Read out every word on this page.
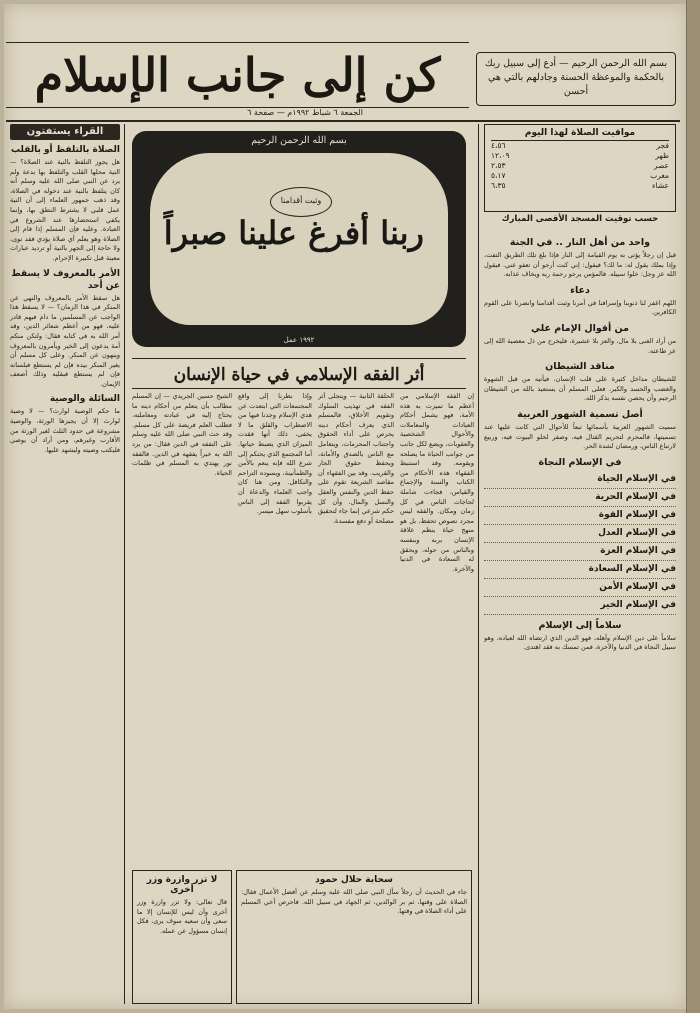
كن إلى جانب الإسلام
الجمعة ٦ شباط ١٩٩٢م — صفحة ٦
بسم الله الرحمن الرحيم — أدع إلى سبيل ربك بالحكمة والموعظة الحسنة وجادلهم بالتي هي أحسن
القراء يستفتون
الصلاة بالتلفظ أو بالقلب
هل يجوز التلفظ بالنية عند الصلاة؟ — النية محلها القلب والتلفظ بها بدعة ولم يرد عن النبي صلى الله عليه وسلم أنه كان يتلفظ بالنية عند دخوله في الصلاة، وقد ذهب جمهور العلماء إلى أن النية عمل قلبي لا يشترط النطق بها، وإنما يكفي استحضارها عند الشروع في العبادة. وعليه فإن المسلم إذا قام إلى الصلاة وهو يعلم أي صلاة يؤدي فقد نوى، ولا حاجة إلى الجهر بالنية أو ترديد عبارات معينة قبل تكبيرة الإحرام.
الأمر بالمعروف لا يسقط عن أحد
هل سقط الأمر بالمعروف والنهي عن المنكر في هذا الزمان؟ — لا يسقط هذا الواجب عن المسلمين ما دام فيهم قادر عليه، فهو من أعظم شعائر الدين، وقد أمر الله به في كتابه فقال: ولتكن منكم أمة يدعون إلى الخير ويأمرون بالمعروف وينهون عن المنكر. وعلى كل مسلم أن يغير المنكر بيده فإن لم يستطع فبلسانه فإن لم يستطع فبقلبه وذلك أضعف الإيمان.
السائلة والوصية
ما حكم الوصية لوارث؟ — لا وصية لوارث إلا أن يجيزها الورثة، والوصية مشروعة في حدود الثلث لغير الورثة من الأقارب وغيرهم، ومن أراد أن يوصي فليكتب وصيته وليشهد عليها.
بسم الله الرحمن الرحيم
وثبت أقدامنا
ربنا أفرغ علينا صبراً
١٩٩٢ عمل
أثر الفقه الإسلامي في حياة الإنسان
إن الفقه الإسلامي من أعظم ما تميزت به هذه الأمة، فهو يشمل أحكام العبادات والمعاملات والأحوال الشخصية والعقوبات، ويضع لكل جانب من جوانب الحياة ما يصلحه ويقومه. وقد استنبط الفقهاء هذه الأحكام من الكتاب والسنة والإجماع والقياس، فجاءت شاملة لحاجات الناس في كل زمان ومكان. والفقه ليس مجرد نصوص تحفظ، بل هو منهج حياة ينظم علاقة الإنسان بربه وبنفسه وبالناس من حوله، ويحقق له السعادة في الدنيا والآخرة.
الحلقة الثانية — ويتجلى أثر الفقه في تهذيب السلوك وتقويم الأخلاق، فالمسلم الذي يعرف أحكام دينه يحرص على أداء الحقوق واجتناب المحرمات، ويتعامل مع الناس بالصدق والأمانة، ويحفظ حقوق الجار والقريب. وقد بين الفقهاء أن مقاصد الشريعة تقوم على حفظ الدين والنفس والعقل والنسل والمال، وأن كل حكم شرعي إنما جاء لتحقيق مصلحة أو دفع مفسدة.
وإذا نظرنا إلى واقع المجتمعات التي ابتعدت عن هدي الإسلام وجدنا فيها من الاضطراب والقلق ما لا يخفى، ذلك أنها فقدت الميزان الذي يضبط حياتها. أما المجتمع الذي يحتكم إلى شرع الله فإنه ينعم بالأمن والطمأنينة، ويسوده التراحم والتكافل. ومن هنا كان واجب العلماء والدعاة أن يقربوا الفقه إلى الناس بأسلوب سهل ميسر.
الشيخ حسين الجريدي — إن المسلم مطالب بأن يتعلم من أحكام دينه ما يحتاج إليه في عبادته ومعاملته، فطلب العلم فريضة على كل مسلم. وقد حث النبي صلى الله عليه وسلم على التفقه في الدين فقال: من يرد الله به خيراً يفقهه في الدين. فالفقه نور يهتدي به المسلم في ظلمات الحياة.
سحابة حلال حمود
جاء في الحديث أن رجلاً سأل النبي صلى الله عليه وسلم عن أفضل الأعمال فقال: الصلاة على وقتها، ثم بر الوالدين، ثم الجهاد في سبيل الله. فاحرص أخي المسلم على أداء الصلاة في وقتها.
لا تزر وازرة وزر أخرى
قال تعالى: ولا تزر وازرة وزر أخرى وأن ليس للإنسان إلا ما سعى وأن سعيه سوف يرى، فكل إنسان مسؤول عن عمله.
مواقيت الصلاة لهذا اليوم
فجر
٤،٥٦
ظهر
١٢،٠٩
عصر
٢،٥٣
مغرب
٥،١٧
عشاء
٦،٣٥
حسب توقيت المسجد الأقصى المبارك
واحد من أهل النار .. في الجنة
قيل إن رجلاً يؤتى به يوم القيامة إلى النار فإذا بلغ تلك الطريق التفت، وإذا بملك يقول له: ما لك؟ فيقول: إني كنت أرجو أن تعفو عني. فيقول الله عز وجل: خلوا سبيله. فالمؤمن يرجو رحمة ربه ويخاف عذابه.
دعاء
اللهم اغفر لنا ذنوبنا وإسرافنا في أمرنا وثبت أقدامنا وانصرنا على القوم الكافرين.
من أقوال الإمام علي
من أراد الغنى بلا مال، والعز بلا عشيرة، فليخرج من ذل معصية الله إلى عز طاعته.
مناقد الشيطان
للشيطان مداخل كثيرة على قلب الإنسان، فيأتيه من قبل الشهوة والغضب والحسد والكبر، فعلى المسلم أن يستعيذ بالله من الشيطان الرجيم وأن يحصن نفسه بذكر الله.
أصل تسمية الشهور العربية
سميت الشهور العربية بأسمائها تبعاً للأحوال التي كانت عليها عند تسميتها، فالمحرم لتحريم القتال فيه، وصفر لخلو البيوت فيه، وربيع لارتباع الناس، ورمضان لشدة الحر.
في الإسلام النجاة
في الإسلام الحياة
في الإسلام الحرية
في الإسلام القوة
في الإسلام العدل
في الإسلام العزة
في الإسلام السعادة
في الإسلام الأمن
في الإسلام الخير
سلاماً إلى الإسلام
سلاماً على دين الإسلام وأهله، فهو الدين الذي ارتضاه الله لعباده، وهو سبيل النجاة في الدنيا والآخرة، فمن تمسك به فقد اهتدى.
